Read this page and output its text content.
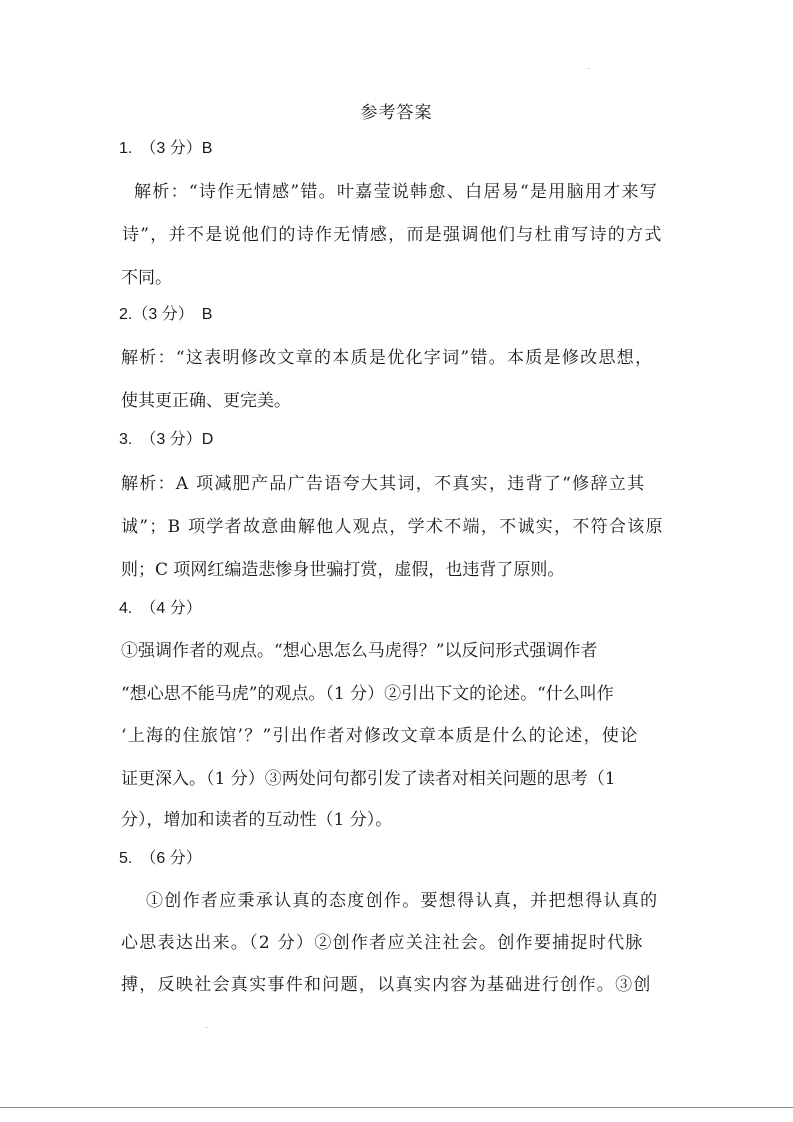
参考答案
1.　（3 分）B
解析：“诗作无情感”错。叶嘉莹说韩愈、白居易“是用脑用才来写
诗”，并不是说他们的诗作无情感，而是强调他们与杜甫写诗的方式
不同。
2.（3 分）　B
解析：“这表明修改文章的本质是优化字词”错。本质是修改思想，
使其更正确、更完美。
3.　（3 分）D
解析：A 项减肥产品广告语夸大其词，不真实，违背了“修辞立其
诚”；B 项学者故意曲解他人观点，学术不端，不诚实，不符合该原
则；C 项网红编造悲惨身世骗打赏，虚假，也违背了原则。
4.　（4 分）
①强调作者的观点。“想心思怎么马虎得？”以反问形式强调作者
“想心思不能马虎”的观点。（1 分）②引出下文的论述。“什么叫作
‘上海的住旅馆’？”引出作者对修改文章本质是什么的论述，使论
证更深入。（1 分）③两处问句都引发了读者对相关问题的思考（1
分），增加和读者的互动性（1 分）。
5.　（6 分）
①创作者应秉承认真的态度创作。要想得认真，并把想得认真的
心思表达出来。（2 分）②创作者应关注社会。创作要捕捉时代脉
搏，反映社会真实事件和问题，以真实内容为基础进行创作。③创
